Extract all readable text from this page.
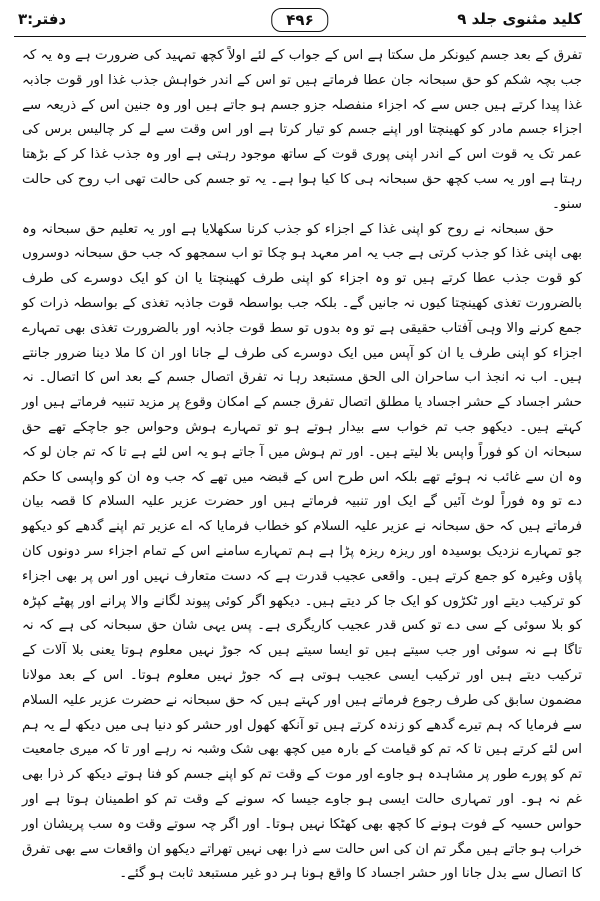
کلید مثنوی جلد ۹
۴۹۶
دفتر:۳

تفرق کے بعد جسم کیونکر مل سکتا ہے اس کے جواب کے لئے اولاً کچھ تمہید کی ضرورت ہے وہ یہ کہ جب بچہ شکم کو حق سبحانہ جان عطا فرماتے ہیں تو اس کے اندر خواہش جذب غذا اور قوت جاذبہ غذا پیدا کرتے ہیں جس سے کہ اجزاء منفصلہ جزو جسم ہو جاتے ہیں اور وہ جنین اس کے ذریعہ سے اجزاء جسم مادر کو کھینچتا اور اپنے جسم کو تیار کرتا ہے اور اس وقت سے لے کر چالیس برس کی عمر تک یہ قوت اس کے اندر اپنی پوری قوت کے ساتھ موجود رہتی ہے اور وہ جذب غذا کر کے بڑھتا رہتا ہے اور یہ سب کچھ حق سبحانہ ہی کا کیا ہوا ہے۔ یہ تو جسم کی حالت تھی اب روح کی حالت سنو۔

حق سبحانہ نے روح کو اپنی غذا کے اجزاء کو جذب کرنا سکھلایا ہے اور یہ تعلیم حق سبحانہ وہ بھی اپنی غذا کو جذب کرتی ہے جب یہ امر معہد ہو چکا تو اب سمجھو کہ جب حق سبحانہ دوسروں کو قوت جذب عطا کرتے ہیں تو وہ اجزاء کو اپنی طرف کھینچتا یا ان کو ایک دوسرے کی طرف بالضرورت تغذی کھینچتا کیوں نہ جانیں گے۔ بلکہ جب بواسطہ قوت جاذبہ تغذی کے بواسطہ ذرات کو جمع کرنے والا وہی آفتاب حقیقی ہے تو وہ بدوں تو سط قوت جاذبہ اور بالضرورت تغذی بھی تمہارے اجزاء کو اپنی طرف یا ان کو آپس میں ایک دوسرے کی طرف لے جانا اور ان کا ملا دینا ضرور جانتے ہیں۔ اب نہ انجذ اب ساحران الی الحق مستبعد رہا نہ تفرق اتصال جسم کے بعد اس کا اتصال۔ نہ حشر اجساد کے حشر اجساد یا مطلق اتصال تفرق جسم کے امکان وقوع پر مزید تنبیہ فرماتے ہیں اور کہتے ہیں۔ دیکھو جب تم خواب سے بیدار ہوتے ہو تو تمہارے ہوش وحواس جو جاچکے تھے حق سبحانہ ان کو فوراً واپس بلا لیتے ہیں۔ اور تم ہوش میں آ جاتے ہو یہ اس لئے ہے تا کہ تم جان لو کہ وہ ان سے غائب نہ ہوئے تھے بلکہ اس طرح اس کے قبضہ میں تھے کہ جب وہ ان کو واپسی کا حکم دے تو وہ فوراً لوٹ آئیں گے ایک اور تنبیہ فرماتے ہیں اور حضرت عزیر علیہ السلام کا قصہ بیان فرماتے ہیں کہ حق سبحانہ نے عزیر علیہ السلام کو خطاب فرمایا کہ اے عزیر تم اپنے گدھے کو دیکھو جو تمہارے نزدیک بوسیدہ اور ریزہ ریزہ پڑا ہے ہم تمہارے سامنے اس کے تمام اجزاء سر دونوں کان پاؤں وغیرہ کو جمع کرتے ہیں۔ واقعی عجیب قدرت ہے کہ دست متعارف نہیں اور اس پر بھی اجزاء کو ترکیب دیتے اور ٹکڑوں کو ایک جا کر دیتے ہیں۔ دیکھو اگر کوئی پیوند لگانے والا پرانے اور پھٹے کپڑہ کو بلا سوئی کے سی دے تو کس قدر عجیب کاریگری ہے۔ پس یہی شان حق سبحانہ کی ہے کہ نہ تاگا ہے نہ سوئی اور جب سیتے ہیں تو ایسا سیتے ہیں کہ جوڑ نہیں معلوم ہوتا یعنی بلا آلات کے ترکیب دیتے ہیں اور ترکیب ایسی عجیب ہوتی ہے کہ جوڑ نہیں معلوم ہوتا۔ اس کے بعد مولانا مضمون سابق کی طرف رجوع فرماتے ہیں اور کہتے ہیں کہ حق سبحانہ نے حضرت عزیر علیہ السلام سے فرمایا کہ ہم تیرے گدھے کو زندہ کرتے ہیں تو آنکھ کھول اور حشر کو دنیا ہی میں دیکھ لے یہ ہم اس لئے کرتے ہیں تا کہ تم کو قیامت کے بارہ میں کچھ بھی شک وشبہ نہ رہے اور تا کہ میری جامعیت تم کو پورے طور پر مشاہدہ ہو جاوے اور موت کے وقت تم کو اپنے جسم کو فنا ہوتے دیکھ کر ذرا بھی غم نہ ہو۔ اور تمہاری حالت ایسی ہو جاوے جیسا کہ سونے کے وقت تم کو اطمینان ہوتا ہے اور حواس حسیہ کے فوت ہونے کا کچھ بھی کھٹکا نہیں ہوتا۔ اور اگر چہ سوتے وقت وہ سب پریشان اور خراب ہو جاتے ہیں مگر تم ان کی اس حالت سے ذرا بھی نہیں تھراتے دیکھو ان واقعات سے بھی تفرق کا اتصال سے بدل جانا اور حشر اجساد کا واقع ہونا ہر دو غیر مستبعد ثابت ہو گئے۔
